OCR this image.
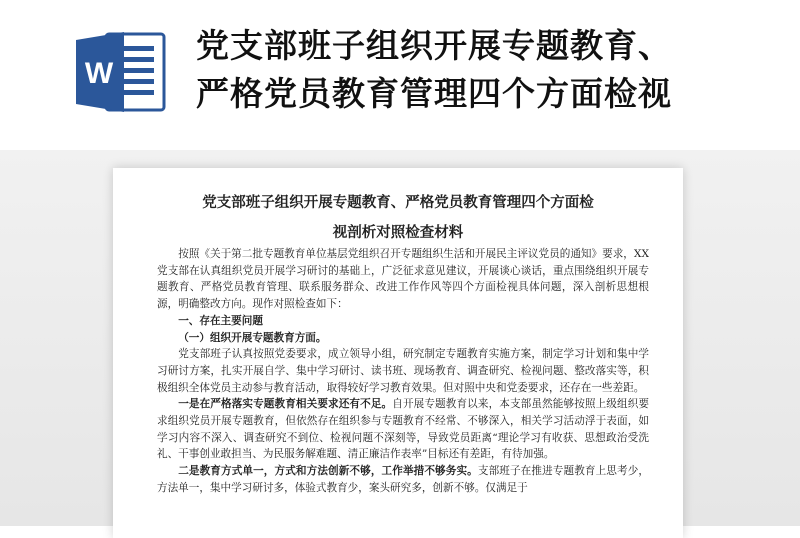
W
党支部班子组织开展专题教育、
严格党员教育管理四个方面检视
党支部班子组织开展专题教育、严格党员教育管理四个方面检
视剖析对照检查材料

按照《关于第二批专题教育单位基层党组织召开专题组织生活和开展民主评议党员的通知》要求，XX 党支部在认真组织党员开展学习研讨的基础上，广泛征求意见建议，开展谈心谈话，重点围绕组织开展专题教育、严格党员教育管理、联系服务群众、改进工作作风等四个方面检视具体问题，深入剖析思想根源，明确整改方向。现作对照检查如下：

一、存在主要问题

（一）组织开展专题教育方面。

党支部班子认真按照党委要求，成立领导小组，研究制定专题教育实施方案，制定学习计划和集中学习研讨方案，扎实开展自学、集中学习研讨、读书班、现场教育、调查研究、检视问题、整改落实等，积极组织全体党员主动参与教育活动，取得较好学习教育效果。但对照中央和党委要求，还存在一些差距。

一是在严格落实专题教育相关要求还有不足。自开展专题教育以来，本支部虽然能够按照上级组织要求组织党员开展专题教育，但依然存在组织参与专题教育不经常、不够深入，相关学习活动浮于表面，如学习内容不深入、调查研究不到位、检视问题不深刻等，导致党员距离“理论学习有收获、思想政治受洗礼、干事创业敢担当、为民服务解难题、清正廉洁作表率”目标还有差距，有待加强。

二是教育方式单一，方式和方法创新不够，工作举措不够务实。支部班子在推进专题教育上思考少，方法单一，集中学习研讨多，体验式教育少，案头研究多，创新不够。仅满足于
